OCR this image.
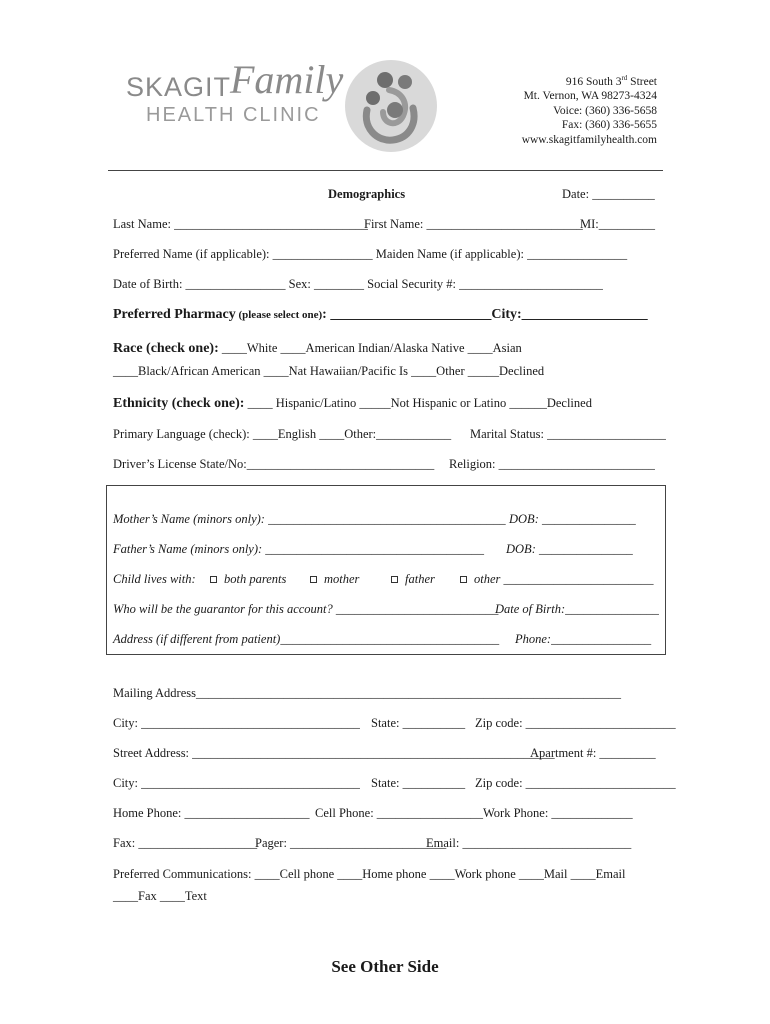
SKAGIT
Family
HEALTH CLINIC
916 South 3rd Street
Mt. Vernon, WA 98273-4324
Voice: (360) 336-5658
Fax: (360) 336-5655
www.skagitfamilyhealth.com
Demographics	Date: __________
Last Name: _______________________________
First Name: _________________________
MI:_________
Preferred Name (if applicable): ________________ Maiden Name (if applicable): ________________
Date of Birth: ________________ Sex: ________ Social Security #: _______________________
Preferred Pharmacy (please select one): _______________________City:__________________
Race (check one): ____White ____American Indian/Alaska Native ____Asian
____Black/African American ____Nat Hawaiian/Pacific Is ____Other _____Declined
Ethnicity (check one): ____ Hispanic/Latino _____Not Hispanic or Latino ______Declined
Primary Language (check): ____English ____Other:____________ Marital Status: ___________________
Driver’s License State/No:______________________________ Religion: _________________________
Mother’s Name (minors only): ______________________________________ DOB: _______________
Father’s Name (minors only): ___________________________________ DOB: _______________
Child lives with:	both parents	mother	father	other ________________________
Who will be the guarantor for this account? __________________________
Date of Birth:_______________
Address (if different from patient)___________________________________ Phone:________________
Mailing Address____________________________________________________________________
City: ___________________________________ State: __________ Zip code: ________________________
Street Address: __________________________________________________________
Apartment #: _________
City: ___________________________________ State: __________ Zip code: ________________________
Home Phone: ____________________ Cell Phone: _________________ Work Phone: _____________
Fax: ___________________
Pager: _________________________
Email: ___________________________
Preferred Communications: ____Cell phone ____Home phone ____Work phone ____Mail ____Email
____Fax ____Text
See Other Side
